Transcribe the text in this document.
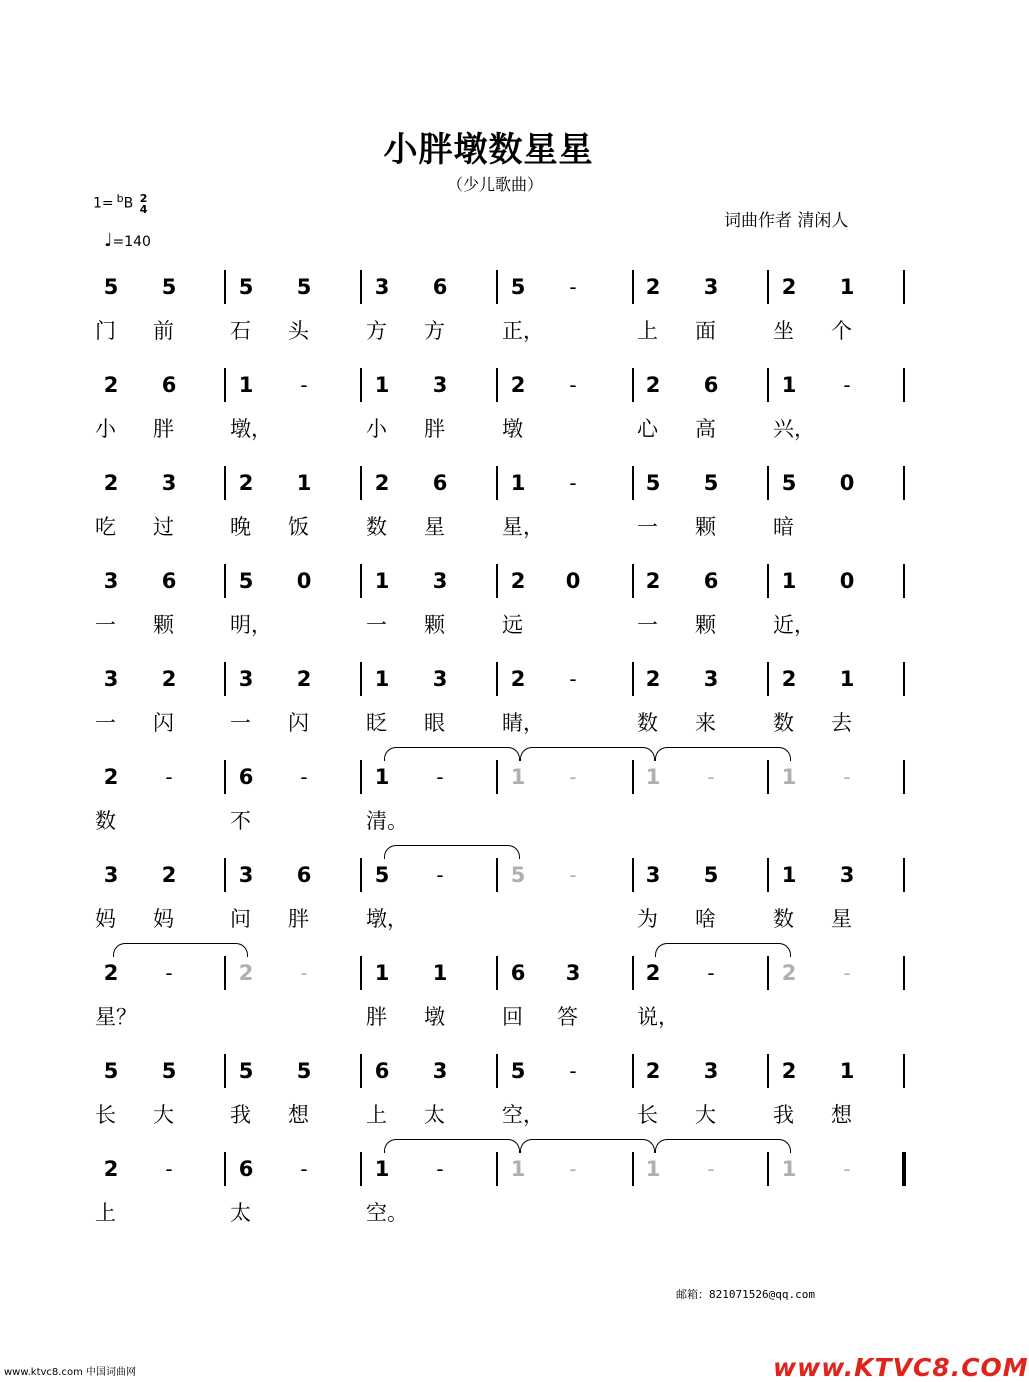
小胖墩数星星
（少儿歌曲）
1= $^b$B 2
4
♩=140
词曲作者 清闲人
5	5	5	5	3	6	5	-	2	3	2	1
门	前	石	头	方	方	正，	上	面	坐	个
2	6	1	-	1	3	2	-	2	6	1	-
小	胖	墩，	小	胖	墩	心	高	兴，
2	3	2	1	2	6	1	-	5	5	5	0
吃	过	晚	饭	数	星	星，	一	颗	暗
3	6	5	0	1	3	2	0	2	6	1	0
一	颗	明，	一	颗	远	一	颗	近，
3	2	3	2	1	3	2	-	2	3	2	1
一	闪	一	闪	眨	眼	睛，	数	来	数	去
2	-	6	-	1	-	1	-	1	-	1	-
数	不	清。
3	2	3	6	5	-	5	-	3	5	1	3
妈	妈	问	胖	墩，	为	啥	数	星
2	-	2	-	1	1	6	3	2	-	2	-
星？	胖	墩	回	答	说，
5	5	5	5	6	3	5	-	2	3	2	1
长	大	我	想	上	太	空，	长	大	我	想
2	-	6	-	1	-	1	-	1	-	1	-
上	太	空。
邮箱：821071526@qq.com
www.ktvc8.com 中国词曲网	www.KTVC8.COM
